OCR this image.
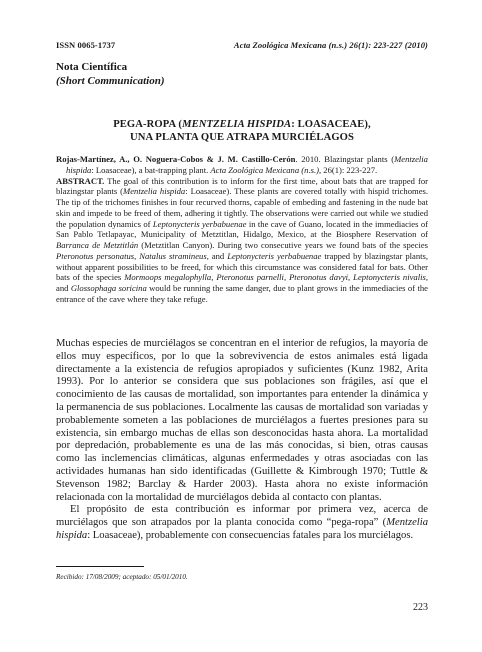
ISSN 0065-1737	Acta Zoológica Mexicana (n.s.) 26(1): 223-227 (2010)
Nota Científica
(Short Communication)
PEGA-ROPA (MENTZELIA HISPIDA: LOASACEAE),
UNA PLANTA QUE ATRAPA MURCIÉLAGOS

Rojas-Martínez, A., O. Noguera-Cobos & J. M. Castillo-Cerón. 2010. Blazingstar plants (Mentzelia hispida: Loasaceae), a bat-trapping plant. Acta Zoológica Mexicana (n.s.), 26(1): 223-227.

ABSTRACT. The goal of this contribution is to inform for the first time, about bats that are trapped for blazingstar plants (Mentzelia hispida: Loasaceae). These plants are covered totally with hispid trichomes. The tip of the trichomes finishes in four recurved thorns, capable of embeding and fastening in the nude bat skin and impede to be freed of them, adhering it tightly. The observations were carried out while we studied the population dynamics of Leptonycteris yerbabuenae in the cave of Guano, located in the immediacies of San Pablo Tetlapayac, Municipality of Metztitlan, Hidalgo, Mexico, at the Biosphere Reservation of Barranca de Metztitlán (Metztitlan Canyon). During two consecutive years we found bats of the species Pteronotus personatus, Natalus stramineus, and Leptonycteris yerbabuenae trapped by blazingstar plants, without apparent possibilities to be freed, for which this circumstance was considered fatal for bats. Other bats of the species Mormoops megalophylla, Pteronotus parnelli, Pteronotus davyi, Leptonycteris nivalis, and Glossophaga soricina would be running the same danger, due to plant grows in the immediacies of the entrance of the cave where they take refuge.

Muchas especies de murciélagos se concentran en el interior de refugios, la mayoría de ellos muy específicos, por lo que la sobrevivencia de estos animales está ligada directamente a la existencia de refugios apropiados y suficientes (Kunz 1982, Arita 1993). Por lo anterior se considera que sus poblaciones son frágiles, así que el conocimiento de las causas de mortalidad, son importantes para entender la dinámica y la permanencia de sus poblaciones. Localmente las causas de mortalidad son variadas y probablemente someten a las poblaciones de murciélagos a fuertes presiones para su existencia, sin embargo muchas de ellas son desconocidas hasta ahora. La mortalidad por depredación, probablemente es una de las más conocidas, si bien, otras causas como las inclemencias climáticas, algunas enfermedades y otras asociadas con las actividades humanas han sido identificadas (Guillette & Kimbrough 1970; Tuttle & Stevenson 1982; Barclay & Harder 2003). Hasta ahora no existe información relacionada con la mortalidad de murciélagos debida al contacto con plantas.

El propósito de esta contribución es informar por primera vez, acerca de murciélagos que son atrapados por la planta conocida como “pega-ropa” (Mentzelia hispida: Loasaceae), probablemente con consecuencias fatales para los murciélagos.

Recibido: 17/08/2009; aceptado: 05/01/2010.
223
